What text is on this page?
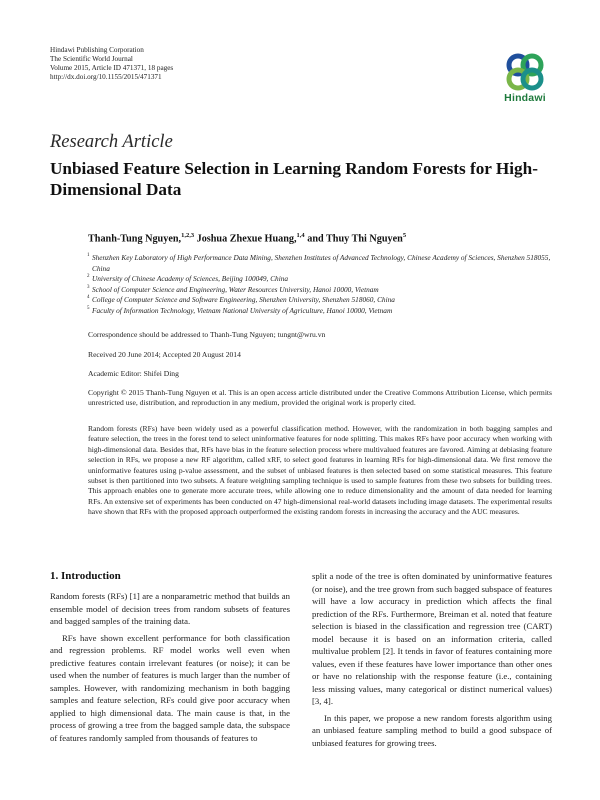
Hindawi Publishing Corporation
The Scientific World Journal
Volume 2015, Article ID 471371, 18 pages
http://dx.doi.org/10.1155/2015/471371
Hindawi
Research Article
Unbiased Feature Selection in Learning Random Forests for High-Dimensional Data
Thanh-Tung Nguyen,$^{1,2,3}$ Joshua Zhexue Huang,$^{1,4}$ and Thuy Thi Nguyen$^5$
1 Shenzhen Key Laboratory of High Performance Data Mining, Shenzhen Institutes of Advanced Technology, Chinese Academy of Sciences, Shenzhen 518055, China
2 University of Chinese Academy of Sciences, Beijing 100049, China
3 School of Computer Science and Engineering, Water Resources University, Hanoi 10000, Vietnam
4 College of Computer Science and Software Engineering, Shenzhen University, Shenzhen 518060, China
5 Faculty of Information Technology, Vietnam National University of Agriculture, Hanoi 10000, Vietnam
Correspondence should be addressed to Thanh-Tung Nguyen; tungnt@wru.vn
Received 20 June 2014; Accepted 20 August 2014
Academic Editor: Shifei Ding
Copyright © 2015 Thanh-Tung Nguyen et al. This is an open access article distributed under the Creative Commons Attribution License, which permits unrestricted use, distribution, and reproduction in any medium, provided the original work is properly cited.
Random forests (RFs) have been widely used as a powerful classification method. However, with the randomization in both bagging samples and feature selection, the trees in the forest tend to select uninformative features for node splitting. This makes RFs have poor accuracy when working with high-dimensional data. Besides that, RFs have bias in the feature selection process where multivalued features are favored. Aiming at debiasing feature selection in RFs, we propose a new RF algorithm, called xRF, to select good features in learning RFs for high-dimensional data. We first remove the uninformative features using p-value assessment, and the subset of unbiased features is then selected based on some statistical measures. This feature subset is then partitioned into two subsets. A feature weighting sampling technique is used to sample features from these two subsets for building trees. This approach enables one to generate more accurate trees, while allowing one to reduce dimensionality and the amount of data needed for learning RFs. An extensive set of experiments has been conducted on 47 high-dimensional real-world datasets including image datasets. The experimental results have shown that RFs with the proposed approach outperformed the existing random forests in increasing the accuracy and the AUC measures.
1. Introduction

Random forests (RFs) [1] are a nonparametric method that builds an ensemble model of decision trees from random subsets of features and bagged samples of the training data.

RFs have shown excellent performance for both classification and regression problems. RF model works well even when predictive features contain irrelevant features (or noise); it can be used when the number of features is much larger than the number of samples. However, with randomizing mechanism in both bagging samples and feature selection, RFs could give poor accuracy when applied to high dimensional data. The main cause is that, in the process of growing a tree from the bagged sample data, the subspace of features randomly sampled from thousands of features to

split a node of the tree is often dominated by uninformative features (or noise), and the tree grown from such bagged subspace of features will have a low accuracy in prediction which affects the final prediction of the RFs. Furthermore, Breiman et al. noted that feature selection is biased in the classification and regression tree (CART) model because it is based on an information criteria, called multivalue problem [2]. It tends in favor of features containing more values, even if these features have lower importance than other ones or have no relationship with the response feature (i.e., containing less missing values, many categorical or distinct numerical values) [3, 4].

In this paper, we propose a new random forests algorithm using an unbiased feature sampling method to build a good subspace of unbiased features for growing trees.
